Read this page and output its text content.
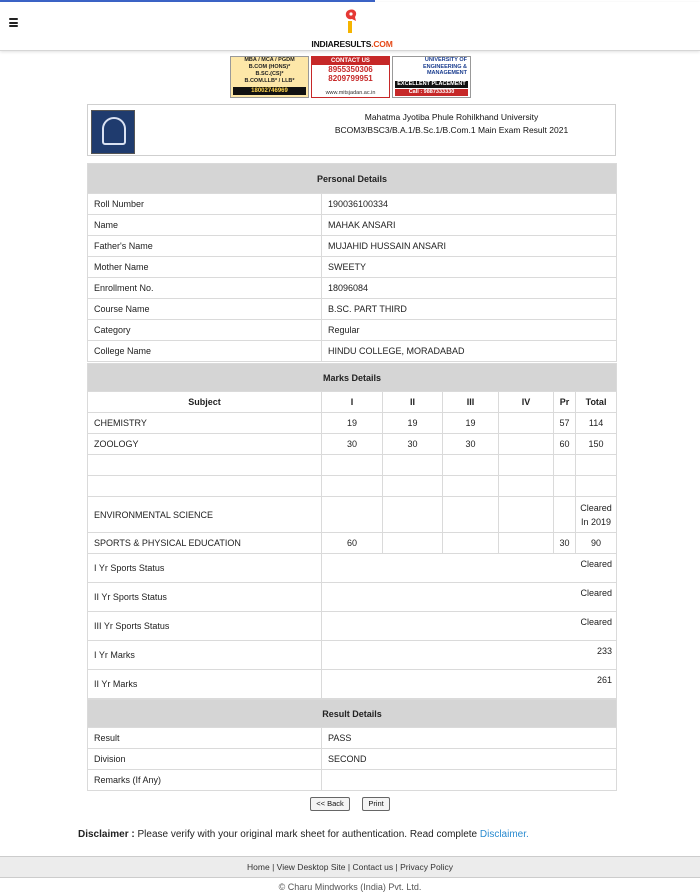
INDIARESULTS.COM
MBA / MCA / PGDM
B.COM (HONS)*
B.SC.(CS)*
B.COM.LLB* / LLB*
18002746969
CONTACT US
8955350306
8209799951
www.mitsjadan.ac.in
UNIVERSITY OF
ENGINEERING &
MANAGEMENT
EXCELLENT PLACEMENT
Call : 9887333330
Mahatma Jyotiba Phule Rohilkhand University
BCOM3/BSC3/B.A.1/B.Sc.1/B.Com.1 Main Exam Result 2021
Personal Details	
Roll Number	190036100334
Name	MAHAK ANSARI
Father's Name	MUJAHID HUSSAIN ANSARI
Mother Name	SWEETY
Enrollment No.	18096084
Course Name	B.SC. PART THIRD
Category	Regular
College Name	HINDU COLLEGE, MORADABAD
Marks Details						
Subject	I	II	III	IV	Pr	Total
CHEMISTRY	19	19	19		57	114
ZOOLOGY	30	30	30		60	150

ENVIRONMENTAL SCIENCE						Cleared In 2019
SPORTS & PHYSICAL EDUCATION	60				30	90
I Yr Sports Status	Cleared					
II Yr Sports Status	Cleared					
III Yr Sports Status	Cleared					
I Yr Marks	233					
II Yr Marks	261					
Result Details	
Result	PASS
Division	SECOND
Remarks (If Any)	
<< Back	Print
Disclaimer : Please verify with your original mark sheet for authentication. Read complete Disclaimer.
Home | View Desktop Site | Contact us | Privacy Policy
© Charu Mindworks (India) Pvt. Ltd.
